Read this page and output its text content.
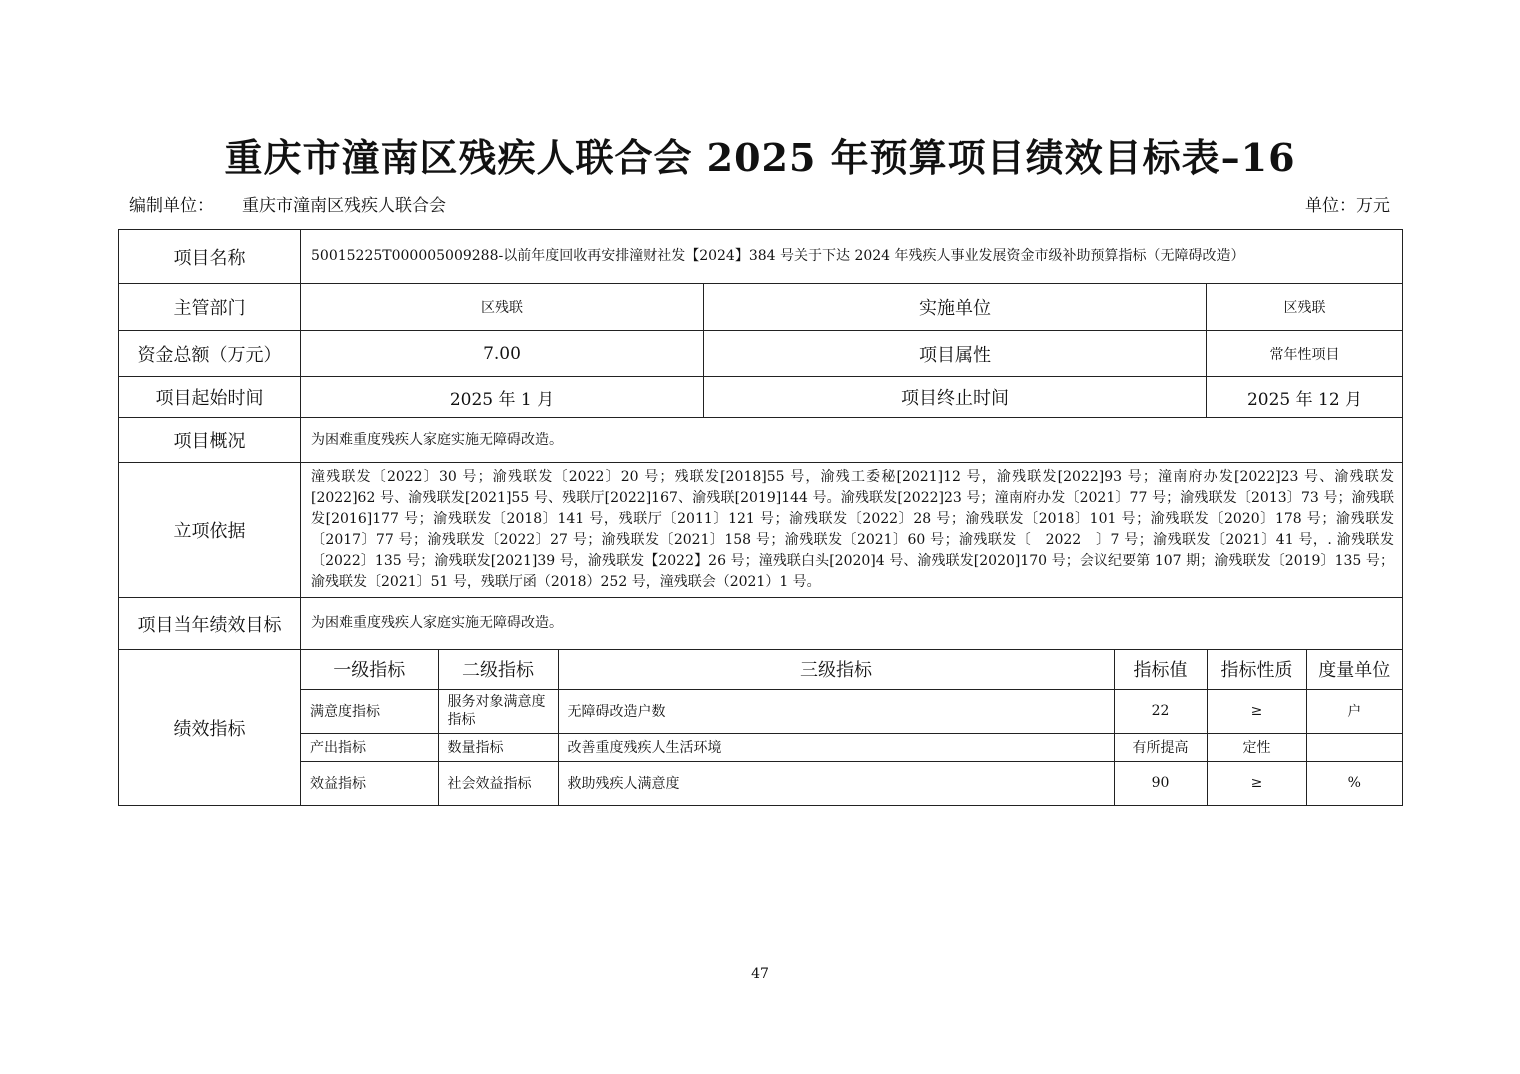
重庆市潼南区残疾人联合会 2025 年预算项目绩效目标表–16
编制单位： 重庆市潼南区残疾人联合会	单位：万元
项目名称	50015225T000005009288-以前年度回收再安排潼财社发【2024】384 号关于下达 2024 年残疾人事业发展资金市级补助预算指标（无障碍改造）
主管部门	区残联	实施单位	区残联
资金总额（万元）	7.00	项目属性	常年性项目
项目起始时间	2025 年 1 月	项目终止时间	2025 年 12 月
项目概况	为困难重度残疾人家庭实施无障碍改造。
立项依据	潼残联发〔2022〕30 号；渝残联发〔2022〕20 号；残联发[2018]55 号，渝残工委秘[2021]12 号，渝残联发[2022]93 号；潼南府办发[2022]23 号、渝残联发[2022]62 号、渝残联发[2021]55 号、残联厅[2022]167、渝残联[2019]144 号。渝残联发[2022]23 号；潼南府办发〔2021〕77 号；渝残联发〔2013〕73 号；渝残联发[2016]177 号；渝残联发〔2018〕141 号，残联厅〔2011〕121 号；渝残联发〔2022〕28 号；渝残联发〔2018〕101 号；渝残联发〔2020〕178 号；渝残联发〔2017〕77 号；渝残联发〔2022〕27 号；渝残联发〔2021〕158 号；渝残联发〔2021〕60 号；渝残联发〔　2022　〕7 号；渝残联发〔2021〕41 号，. 渝残联发〔2022〕135 号；渝残联发[2021]39 号，渝残联发【2022】26 号；潼残联白头[2020]4 号、渝残联发[2020]170 号；会议纪要第 107 期；渝残联发〔2019〕135 号；渝残联发〔2021〕51 号，残联厅函（2018）252 号，潼残联会（2021）1 号。
项目当年绩效目标	为困难重度残疾人家庭实施无障碍改造。
绩效指标	
一级指标	二级指标	三级指标	指标值	指标性质	度量单位
满意度指标	服务对象满意度指标	无障碍改造户数	22	≥	户
产出指标	数量指标	改善重度残疾人生活环境	有所提高	定性	
效益指标	社会效益指标	救助残疾人满意度	90	≥	%
47
